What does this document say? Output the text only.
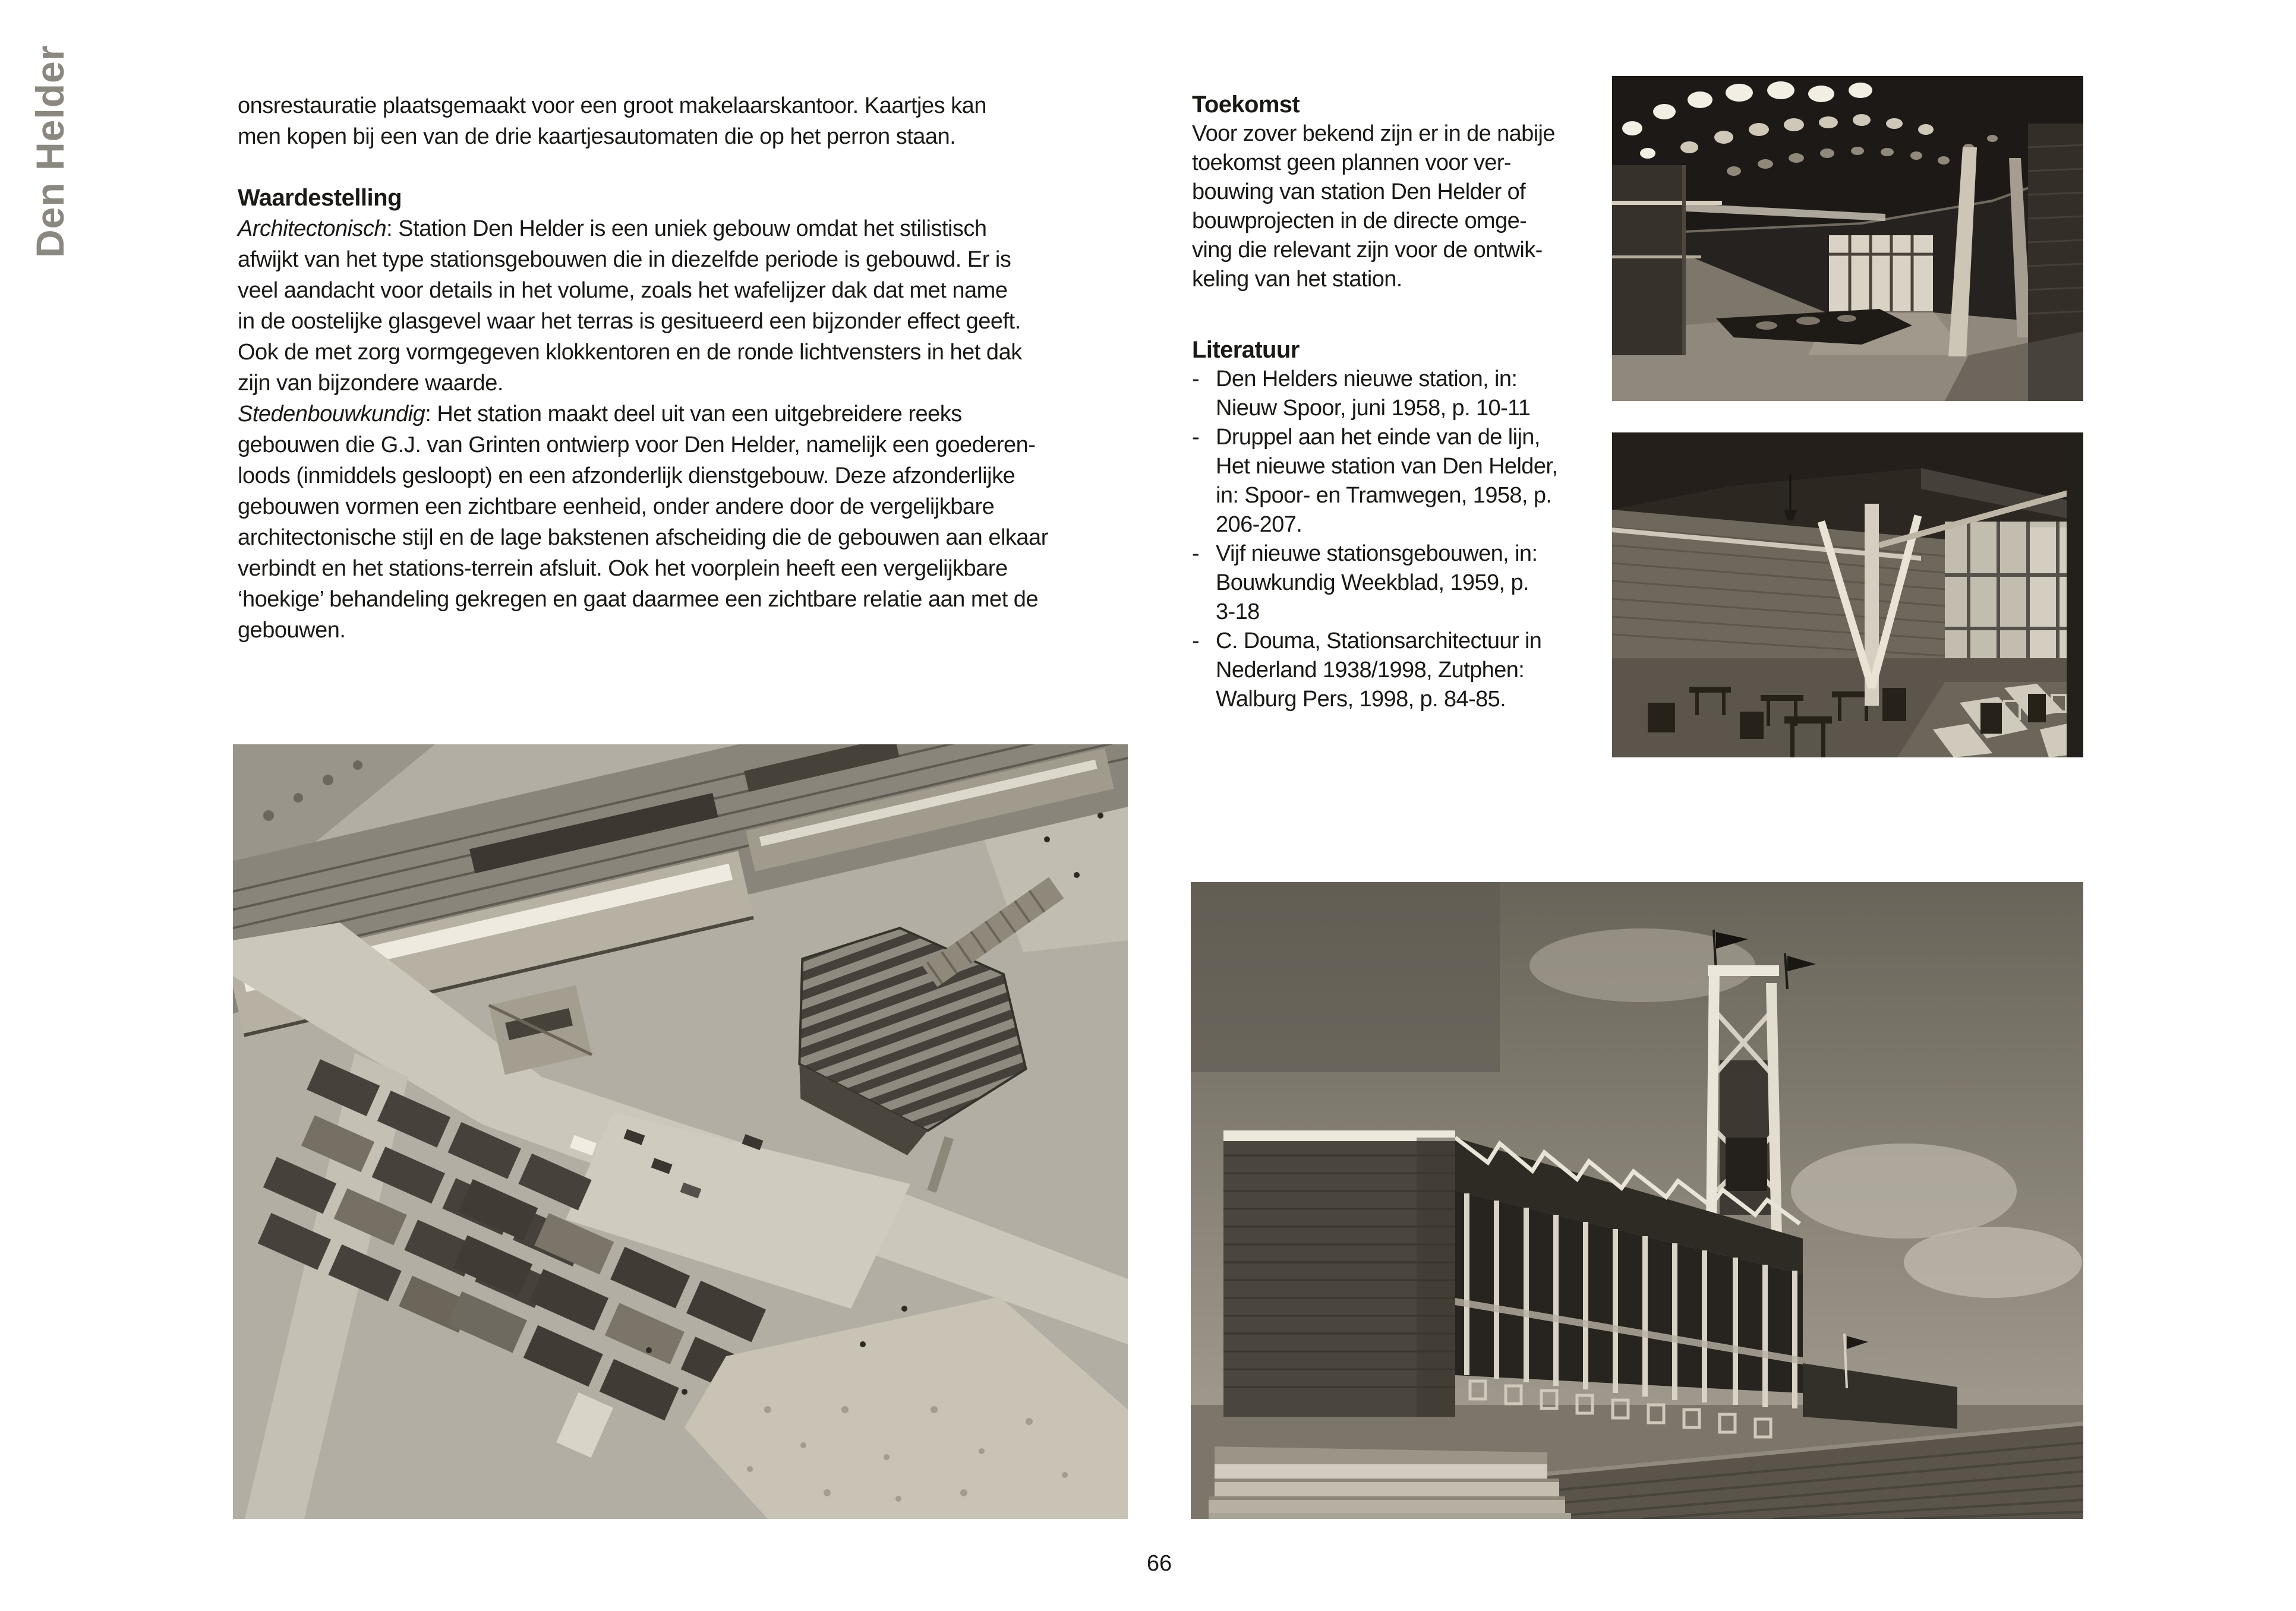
Den Helder	onsrestauratie plaatsgemaakt voor een groot makelaarskantoor. Kaartjes kan
men kopen bij een van de drie kaartjesautomaten die op het perron staan.
Waardestelling
Architectonisch: Station Den Helder is een uniek gebouw omdat het stilistisch
afwijkt van het type stationsgebouwen die in diezelfde periode is gebouwd. Er is
veel aandacht voor details in het volume, zoals het wafelijzer dak dat met name
in de oostelijke glasgevel waar het terras is gesitueerd een bijzonder effect geeft.
Ook de met zorg vormgegeven klokkentoren en de ronde lichtvensters in het dak
zijn van bijzondere waarde.
Stedenbouwkundig: Het station maakt deel uit van een uitgebreidere reeks
gebouwen die G.J. van Grinten ontwierp voor Den Helder, namelijk een goederen-
loods (inmiddels gesloopt) en een afzonderlijk dienstgebouw. Deze afzonderlijke
gebouwen vormen een zichtbare eenheid, onder andere door de vergelijkbare
architectonische stijl en de lage bakstenen afscheiding die de gebouwen aan elkaar
verbindt en het stations-terrein afsluit. Ook het voorplein heeft een vergelijkbare
‘hoekige’ behandeling gekregen en gaat daarmee een zichtbare relatie aan met de
gebouwen.
Toekomst
Voor zover bekend zijn er in de nabije
toekomst geen plannen voor ver-
bouwing van station Den Helder of
bouwprojecten in de directe omge-
ving die relevant zijn voor de ontwik-
keling van het station.
Literatuur
- Den Helders nieuwe station, in:
Nieuw Spoor, juni 1958, p. 10-11
- Druppel aan het einde van de lijn,
Het nieuwe station van Den Helder,
in: Spoor- en Tramwegen, 1958, p.
206-207.
- Vijf nieuwe stationsgebouwen, in:
Bouwkundig Weekblad, 1959, p.
3-18
- C. Douma, Stationsarchitectuur in
Nederland 1938/1998, Zutphen:
Walburg Pers, 1998, p. 84-85.
66
